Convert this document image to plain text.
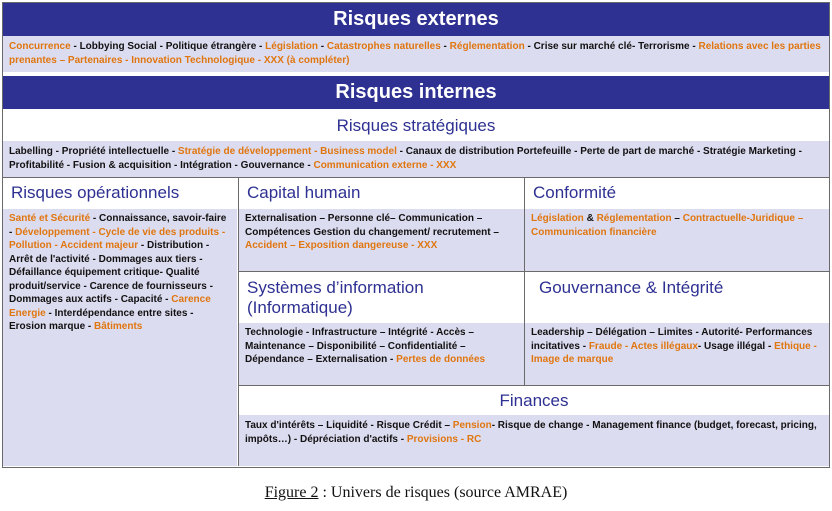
Risques externes
Concurrence - Lobbying Social - Politique étrangère - Législation - Catastrophes naturelles - Réglementation - Crise sur marché clé- Terrorisme - Relations avec les parties prenantes – Partenaires - Innovation Technologique - XXX (à compléter)
Risques internes
Risques stratégiques
Labelling - Propriété intellectuelle - Stratégie de développement - Business model - Canaux de distribution Portefeuille - Perte de part de marché - Stratégie Marketing - Profitabilité - Fusion & acquisition - Intégration - Gouvernance - Communication externe - XXX
Risques opérationnels
Santé et Sécurité - Connaissance, savoir-faire - Développement - Cycle de vie des produits - Pollution - Accident majeur - Distribution - Arrêt de l'activité - Dommages aux tiers - Défaillance équipement critique- Qualité produit/service - Carence de fournisseurs - Dommages aux actifs - Capacité - Carence Energie - Interdépendance entre sites - Erosion marque - Bâtiments
Capital humain
Externalisation – Personne clé– Communication – Compétences Gestion du changement/ recrutement – Accident – Exposition dangereuse - XXX
Conformité
Législation & Réglementation – Contractuelle-Juridique – Communication financière
Systèmes d’information (Informatique)
Technologie - Infrastructure – Intégrité - Accès – Maintenance – Disponibilité – Confidentialité – Dépendance – Externalisation - Pertes de données
Gouvernance & Intégrité
Leadership – Délégation – Limites - Autorité- Performances incitatives - Fraude - Actes illégaux- Usage illégal - Ethique - Image de marque
Finances
Taux d'intérêts – Liquidité - Risque Crédit – Pension- Risque de change - Management finance (budget, forecast, pricing, impôts…) - Dépréciation d'actifs - Provisions - RC
Figure 2 : Univers de risques (source AMRAE)
